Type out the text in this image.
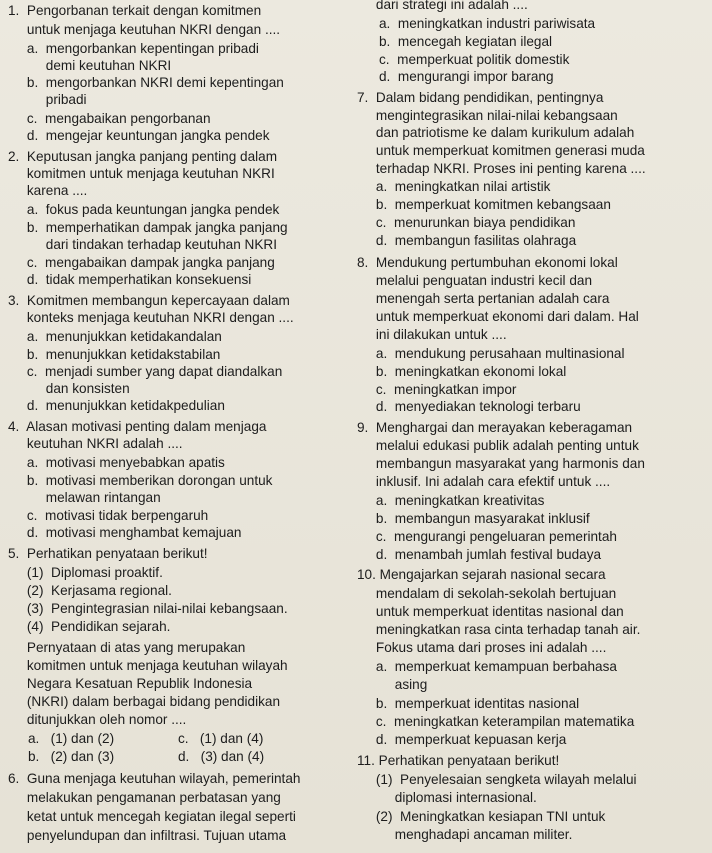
1.  Pengorbanan terkait dengan komitmen
untuk menjaga keutuhan NKRI dengan ....
a.  mengorbankan kepentingan pribadi
demi keutuhan NKRI
b.  mengorbankan NKRI demi kepentingan
pribadi
c.  mengabaikan pengorbanan
d.  mengejar keuntungan jangka pendek
2.  Keputusan jangka panjang penting dalam
komitmen untuk menjaga keutuhan NKRI
karena ....
a.  fokus pada keuntungan jangka pendek
b.  memperhatikan dampak jangka panjang
dari tindakan terhadap keutuhan NKRI
c.  mengabaikan dampak jangka panjang
d.  tidak memperhatikan konsekuensi
3.  Komitmen membangun kepercayaan dalam
konteks menjaga keutuhan NKRI dengan ....
a.  menunjukkan ketidakandalan
b.  menunjukkan ketidakstabilan
c.  menjadi sumber yang dapat diandalkan
dan konsisten
d.  menunjukkan ketidakpedulian
4.  Alasan motivasi penting dalam menjaga
keutuhan NKRI adalah ....
a.  motivasi menyebabkan apatis
b.  motivasi memberikan dorongan untuk
melawan rintangan
c.  motivasi tidak berpengaruh
d.  motivasi menghambat kemajuan
5.  Perhatikan penyataan berikut!
(1)  Diplomasi proaktif.
(2)  Kerjasama regional.
(3)  Pengintegrasian nilai-nilai kebangsaan.
(4)  Pendidikan sejarah.
Pernyataan di atas yang merupakan
komitmen untuk menjaga keutuhan wilayah
Negara Kesatuan Republik Indonesia
(NKRI) dalam berbagai bidang pendidikan
ditunjukkan oleh nomor ....
a.   (1) dan (2)	c.   (1) dan (4)
b.   (2) dan (3)	d.   (3) dan (4)
6.  Guna menjaga keutuhan wilayah, pemerintah
melakukan pengamanan perbatasan yang
ketat untuk mencegah kegiatan ilegal seperti
penyelundupan dan infiltrasi. Tujuan utama
dari strategi ini adalah ....
a.  meningkatkan industri pariwisata
b.  mencegah kegiatan ilegal
c.  memperkuat politik domestik
d.  mengurangi impor barang
7.  Dalam bidang pendidikan, pentingnya
mengintegrasikan nilai-nilai kebangsaan
dan patriotisme ke dalam kurikulum adalah
untuk memperkuat komitmen generasi muda
terhadap NKRI. Proses ini penting karena ....
a.  meningkatkan nilai artistik
b.  memperkuat komitmen kebangsaan
c.  menurunkan biaya pendidikan
d.  membangun fasilitas olahraga
8.  Mendukung pertumbuhan ekonomi lokal
melalui penguatan industri kecil dan
menengah serta pertanian adalah cara
untuk memperkuat ekonomi dari dalam. Hal
ini dilakukan untuk ....
a.  mendukung perusahaan multinasional
b.  meningkatkan ekonomi lokal
c.  meningkatkan impor
d.  menyediakan teknologi terbaru
9.  Menghargai dan merayakan keberagaman
melalui edukasi publik adalah penting untuk
membangun masyarakat yang harmonis dan
inklusif. Ini adalah cara efektif untuk ....
a.  meningkatkan kreativitas
b.  membangun masyarakat inklusif
c.  mengurangi pengeluaran pemerintah
d.  menambah jumlah festival budaya
10. Mengajarkan sejarah nasional secara
mendalam di sekolah-sekolah bertujuan
untuk memperkuat identitas nasional dan
meningkatkan rasa cinta terhadap tanah air.
Fokus utama dari proses ini adalah ....
a.  memperkuat kemampuan berbahasa
asing
b.  memperkuat identitas nasional
c.  meningkatkan keterampilan matematika
d.  memperkuat kepuasan kerja
11. Perhatikan penyataan berikut!
(1)  Penyelesaian sengketa wilayah melalui
diplomasi internasional.
(2)  Meningkatkan kesiapan TNI untuk
menghadapi ancaman militer.
